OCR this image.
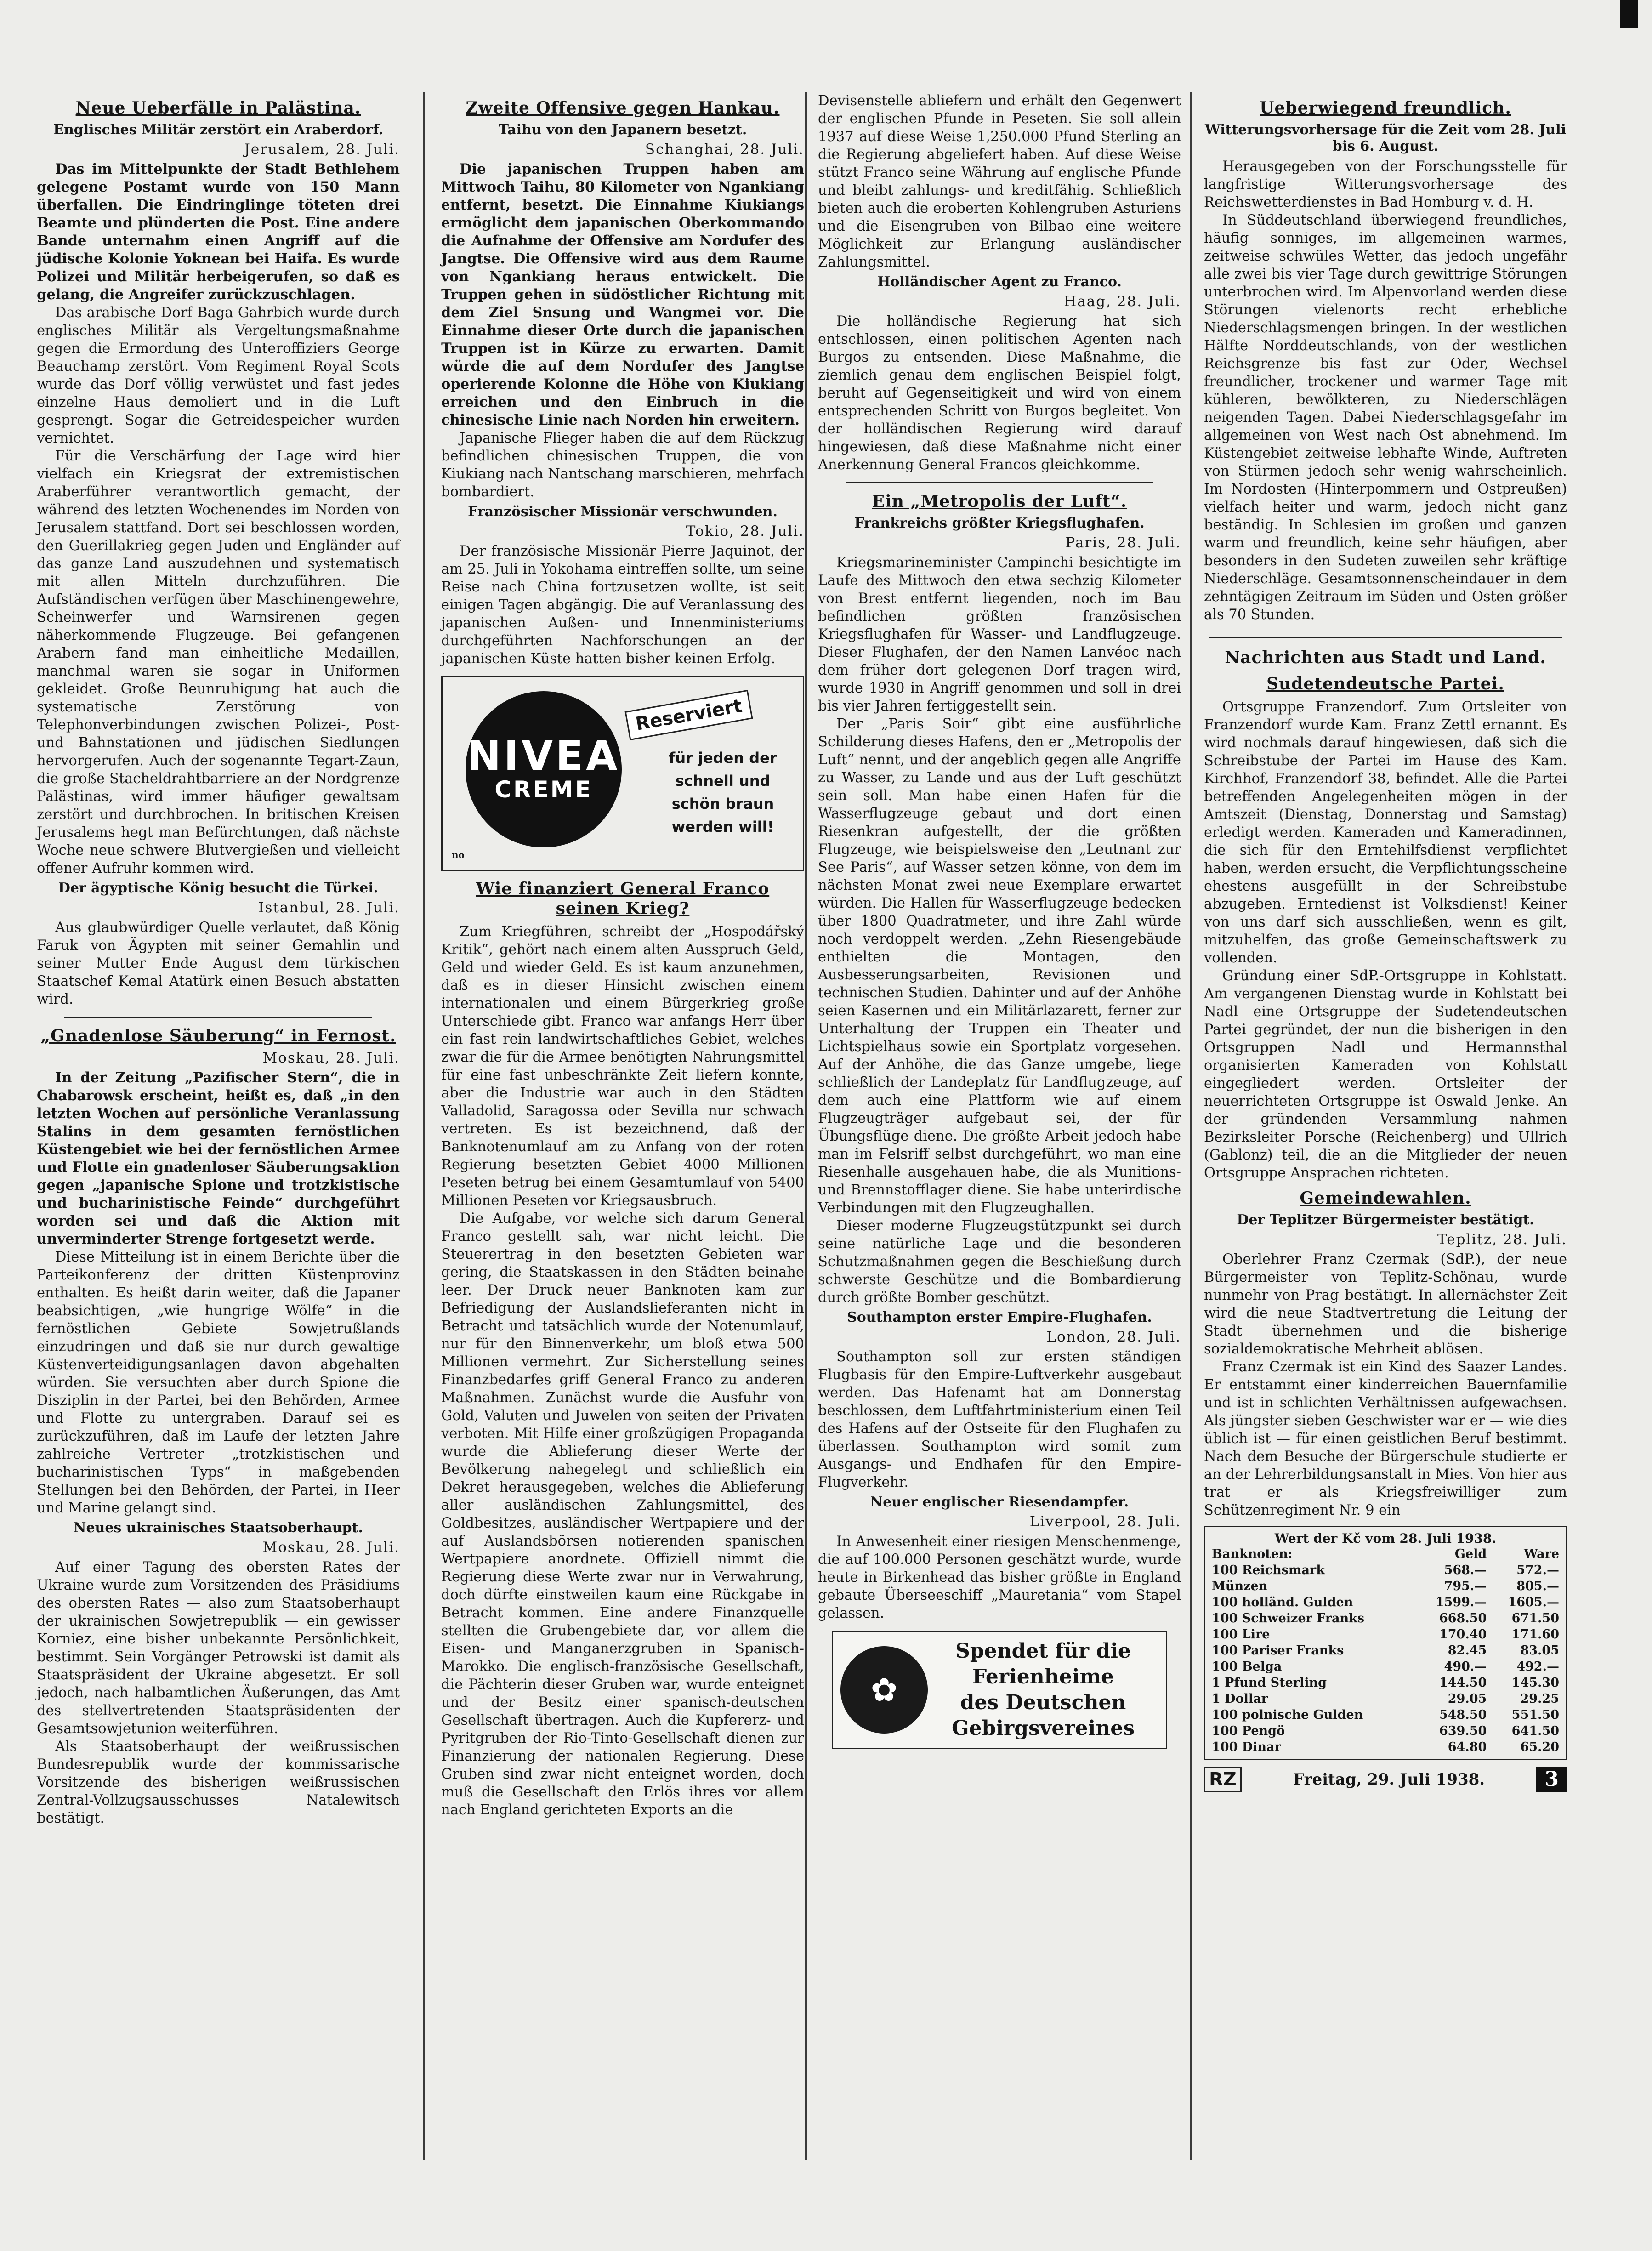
Neue Ueberfälle in Palästina.
Englisches Militär zerstört ein Araberdorf.
Jerusalem, 28. Juli.

Das im Mittelpunkte der Stadt Bethlehem gelegene Postamt wurde von 150 Mann überfallen. Die Eindringlinge töteten drei Beamte und plünderten die Post. Eine andere Bande unternahm einen Angriff auf die jüdische Kolonie Yoknean bei Haifa. Es wurde Polizei und Militär herbeigerufen, so daß es gelang, die Angreifer zurückzuschlagen.

Das arabische Dorf Baga Gahrbich wurde durch englisches Militär als Vergeltungsmaßnahme gegen die Ermordung des Unteroffiziers George Beauchamp zerstört. Vom Regiment Royal Scots wurde das Dorf völlig verwüstet und fast jedes einzelne Haus demoliert und in die Luft gesprengt. Sogar die Getreidespeicher wurden vernichtet.

Für die Verschärfung der Lage wird hier vielfach ein Kriegsrat der extremistischen Araberführer verantwortlich gemacht, der während des letzten Wochenendes im Norden von Jerusalem stattfand. Dort sei beschlossen worden, den Guerillakrieg gegen Juden und Engländer auf das ganze Land auszudehnen und systematisch mit allen Mitteln durchzuführen. Die Aufständischen verfügen über Maschinengewehre, Scheinwerfer und Warnsirenen gegen näherkommende Flugzeuge. Bei gefangenen Arabern fand man einheitliche Medaillen, manchmal waren sie sogar in Uniformen gekleidet. Große Beunruhigung hat auch die systematische Zerstörung von Telephonverbindungen zwischen Polizei-, Post- und Bahnstationen und jüdischen Siedlungen hervorgerufen. Auch der sogenannte Tegart-Zaun, die große Stacheldrahtbarriere an der Nordgrenze Palästinas, wird immer häufiger gewaltsam zerstört und durchbrochen. In britischen Kreisen Jerusalems hegt man Befürchtungen, daß nächste Woche neue schwere Blutvergießen und vielleicht offener Aufruhr kommen wird.

Der ägyptische König besucht die Türkei.
Istanbul, 28. Juli.

Aus glaubwürdiger Quelle verlautet, daß König Faruk von Ägypten mit seiner Gemahlin und seiner Mutter Ende August dem türkischen Staatschef Kemal Atatürk einen Besuch abstatten wird.

„Gnadenlose Säuberung“ in Fernost.
Moskau, 28. Juli.

In der Zeitung „Pazifischer Stern“, die in Chabarowsk erscheint, heißt es, daß „in den letzten Wochen auf persönliche Veranlassung Stalins in dem gesamten fernöstlichen Küstengebiet wie bei der fernöstlichen Armee und Flotte ein gnadenloser Säuberungsaktion gegen „japanische Spione und trotzkistische und bucharinistische Feinde“ durchgeführt worden sei und daß die Aktion mit unverminderter Strenge fortgesetzt werde.

Diese Mitteilung ist in einem Berichte über die Parteikonferenz der dritten Küstenprovinz enthalten. Es heißt darin weiter, daß die Japaner beabsichtigen, „wie hungrige Wölfe“ in die fernöstlichen Gebiete Sowjetrußlands einzudringen und daß sie nur durch gewaltige Küstenverteidigungsanlagen davon abgehalten würden. Sie versuchten aber durch Spione die Disziplin in der Partei, bei den Behörden, Armee und Flotte zu untergraben. Darauf sei es zurückzuführen, daß im Laufe der letzten Jahre zahlreiche Vertreter „trotzkistischen und bucharinistischen Typs“ in maßgebenden Stellungen bei den Behörden, der Partei, in Heer und Marine gelangt sind.

Neues ukrainisches Staatsoberhaupt.
Moskau, 28. Juli.

Auf einer Tagung des obersten Rates der Ukraine wurde zum Vorsitzenden des Präsidiums des obersten Rates — also zum Staatsoberhaupt der ukrainischen Sowjetrepublik — ein gewisser Korniez, eine bisher unbekannte Persönlichkeit, bestimmt. Sein Vorgänger Petrowski ist damit als Staatspräsident der Ukraine abgesetzt. Er soll jedoch, nach halbamtlichen Äußerungen, das Amt des stellvertretenden Staatspräsidenten der Gesamtsowjetunion weiterführen.

Als Staatsoberhaupt der weißrussischen Bundesrepublik wurde der kommissarische Vorsitzende des bisherigen weißrussischen Zentral-Vollzugsausschusses Natalewitsch bestätigt.

Zweite Offensive gegen Hankau.
Taihu von den Japanern besetzt.
Schanghai, 28. Juli.

Die japanischen Truppen haben am Mittwoch Taihu, 80 Kilometer von Ngankiang entfernt, besetzt. Die Einnahme Kiukiangs ermöglicht dem japanischen Oberkommando die Aufnahme der Offensive am Nordufer des Jangtse. Die Offensive wird aus dem Raume von Ngankiang heraus entwickelt. Die Truppen gehen in südöstlicher Richtung mit dem Ziel Snsung und Wangmei vor. Die Einnahme dieser Orte durch die japanischen Truppen ist in Kürze zu erwarten. Damit würde die auf dem Nordufer des Jangtse operierende Kolonne die Höhe von Kiukiang erreichen und den Einbruch in die chinesische Linie nach Norden hin erweitern.

Japanische Flieger haben die auf dem Rückzug befindlichen chinesischen Truppen, die von Kiukiang nach Nantschang marschieren, mehrfach bombardiert.

Französischer Missionär verschwunden.
Tokio, 28. Juli.

Der französische Missionär Pierre Jaquinot, der am 25. Juli in Yokohama eintreffen sollte, um seine Reise nach China fortzusetzen wollte, ist seit einigen Tagen abgängig. Die auf Veranlassung des japanischen Außen- und Innenministeriums durchgeführten Nachforschungen an der japanischen Küste hatten bisher keinen Erfolg.

NIVEA
CREME
Reserviert
für jeden der schnell und schön braun werden will!
no
Wie finanziert General Franco seinen Krieg?

Zum Kriegführen, schreibt der „Hospodářský Kritik“, gehört nach einem alten Ausspruch Geld, Geld und wieder Geld. Es ist kaum anzunehmen, daß es in dieser Hinsicht zwischen einem internationalen und einem Bürgerkrieg große Unterschiede gibt. Franco war anfangs Herr über ein fast rein landwirtschaftliches Gebiet, welches zwar die für die Armee benötigten Nahrungsmittel für eine fast unbeschränkte Zeit liefern konnte, aber die Industrie war auch in den Städten Valladolid, Saragossa oder Sevilla nur schwach vertreten. Es ist bezeichnend, daß der Banknotenumlauf am zu Anfang von der roten Regierung besetzten Gebiet 4000 Millionen Peseten betrug bei einem Gesamtumlauf von 5400 Millionen Peseten vor Kriegsausbruch.

Die Aufgabe, vor welche sich darum General Franco gestellt sah, war nicht leicht. Die Steuerertrag in den besetzten Gebieten war gering, die Staatskassen in den Städten beinahe leer. Der Druck neuer Banknoten kam zur Befriedigung der Auslandslieferanten nicht in Betracht und tatsächlich wurde der Notenumlauf, nur für den Binnenverkehr, um bloß etwa 500 Millionen vermehrt. Zur Sicherstellung seines Finanzbedarfes griff General Franco zu anderen Maßnahmen. Zunächst wurde die Ausfuhr von Gold, Valuten und Juwelen von seiten der Privaten verboten. Mit Hilfe einer großzügigen Propaganda wurde die Ablieferung dieser Werte der Bevölkerung nahegelegt und schließlich ein Dekret herausgegeben, welches die Ablieferung aller ausländischen Zahlungsmittel, des Goldbesitzes, ausländischer Wertpapiere und der auf Auslandsbörsen notierenden spanischen Wertpapiere anordnete. Offiziell nimmt die Regierung diese Werte zwar nur in Verwahrung, doch dürfte einstweilen kaum eine Rückgabe in Betracht kommen. Eine andere Finanzquelle stellten die Grubengebiete dar, vor allem die Eisen- und Manganerzgruben in Spanisch-Marokko. Die englisch-französische Gesellschaft, die Pächterin dieser Gruben war, wurde enteignet und der Besitz einer spanisch-deutschen Gesellschaft übertragen. Auch die Kupfererz- und Pyritgruben der Rio-Tinto-Gesellschaft dienen zur Finanzierung der nationalen Regierung. Diese Gruben sind zwar nicht enteignet worden, doch muß die Gesellschaft den Erlös ihres vor allem nach England gerichteten Exports an die

Devisenstelle abliefern und erhält den Gegenwert der englischen Pfunde in Peseten. Sie soll allein 1937 auf diese Weise 1,250.000 Pfund Sterling an die Regierung abgeliefert haben. Auf diese Weise stützt Franco seine Währung auf englische Pfunde und bleibt zahlungs- und kreditfähig. Schließlich bieten auch die eroberten Kohlengruben Asturiens und die Eisengruben von Bilbao eine weitere Möglichkeit zur Erlangung ausländischer Zahlungsmittel.

Holländischer Agent zu Franco.
Haag, 28. Juli.

Die holländische Regierung hat sich entschlossen, einen politischen Agenten nach Burgos zu entsenden. Diese Maßnahme, die ziemlich genau dem englischen Beispiel folgt, beruht auf Gegenseitigkeit und wird von einem entsprechenden Schritt von Burgos begleitet. Von der holländischen Regierung wird darauf hingewiesen, daß diese Maßnahme nicht einer Anerkennung General Francos gleichkomme.

Ein „Metropolis der Luft“.
Frankreichs größter Kriegsflughafen.
Paris, 28. Juli.

Kriegsmarineminister Campinchi besichtigte im Laufe des Mittwoch den etwa sechzig Kilometer von Brest entfernt liegenden, noch im Bau befindlichen größten französischen Kriegsflughafen für Wasser- und Landflugzeuge. Dieser Flughafen, der den Namen Lanvéoc nach dem früher dort gelegenen Dorf tragen wird, wurde 1930 in Angriff genommen und soll in drei bis vier Jahren fertiggestellt sein.

Der „Paris Soir“ gibt eine ausführliche Schilderung dieses Hafens, den er „Metropolis der Luft“ nennt, und der angeblich gegen alle Angriffe zu Wasser, zu Lande und aus der Luft geschützt sein soll. Man habe einen Hafen für die Wasserflugzeuge gebaut und dort einen Riesenkran aufgestellt, der die größten Flugzeuge, wie beispielsweise den „Leutnant zur See Paris“, auf Wasser setzen könne, von dem im nächsten Monat zwei neue Exemplare erwartet würden. Die Hallen für Wasserflugzeuge bedecken über 1800 Quadratmeter, und ihre Zahl würde noch verdoppelt werden. „Zehn Riesengebäude enthielten die Montagen, den Ausbesserungsarbeiten, Revisionen und technischen Studien. Dahinter und auf der Anhöhe seien Kasernen und ein Militärlazarett, ferner zur Unterhaltung der Truppen ein Theater und Lichtspielhaus sowie ein Sportplatz vorgesehen. Auf der Anhöhe, die das Ganze umgebe, liege schließlich der Landeplatz für Landflugzeuge, auf dem auch eine Plattform wie auf einem Flugzeugträger aufgebaut sei, der für Übungsflüge diene. Die größte Arbeit jedoch habe man im Felsriff selbst durchgeführt, wo man eine Riesenhalle ausgehauen habe, die als Munitions- und Brennstofflager diene. Sie habe unterirdische Verbindungen mit den Flugzeughallen.

Dieser moderne Flugzeugstützpunkt sei durch seine natürliche Lage und die besonderen Schutzmaßnahmen gegen die Beschießung durch schwerste Geschütze und die Bombardierung durch größte Bomber geschützt.

Southampton erster Empire-Flughafen.
London, 28. Juli.

Southampton soll zur ersten ständigen Flugbasis für den Empire-Luftverkehr ausgebaut werden. Das Hafenamt hat am Donnerstag beschlossen, dem Luftfahrtministerium einen Teil des Hafens auf der Ostseite für den Flughafen zu überlassen. Southampton wird somit zum Ausgangs- und Endhafen für den Empire-Flugverkehr.

Neuer englischer Riesendampfer.
Liverpool, 28. Juli.

In Anwesenheit einer riesigen Menschenmenge, die auf 100.000 Personen geschätzt wurde, wurde heute in Birkenhead das bisher größte in England gebaute Überseeschiff „Mauretania“ vom Stapel gelassen.

✿
Spendet für die
Ferienheime
des Deutschen
Gebirgsvereines
Ueberwiegend freundlich.
Witterungsvorhersage für die Zeit vom 28. Juli bis 6. August.

Herausgegeben von der Forschungsstelle für langfristige Witterungsvorhersage des Reichswetterdienstes in Bad Homburg v. d. H.

In Süddeutschland überwiegend freundliches, häufig sonniges, im allgemeinen warmes, zeitweise schwüles Wetter, das jedoch ungefähr alle zwei bis vier Tage durch gewittrige Störungen unterbrochen wird. Im Alpenvorland werden diese Störungen vielenorts recht erhebliche Niederschlagsmengen bringen. In der westlichen Hälfte Norddeutschlands, von der westlichen Reichsgrenze bis fast zur Oder, Wechsel freundlicher, trockener und warmer Tage mit kühleren, bewölkteren, zu Niederschlägen neigenden Tagen. Dabei Niederschlagsgefahr im allgemeinen von West nach Ost abnehmend. Im Küstengebiet zeitweise lebhafte Winde, Auftreten von Stürmen jedoch sehr wenig wahrscheinlich. Im Nordosten (Hinterpommern und Ostpreußen) vielfach heiter und warm, jedoch nicht ganz beständig. In Schlesien im großen und ganzen warm und freundlich, keine sehr häufigen, aber besonders in den Sudeten zuweilen sehr kräftige Niederschläge. Gesamtsonnenscheindauer in dem zehntägigen Zeitraum im Süden und Osten größer als 70 Stunden.

Nachrichten aus Stadt und Land.
Sudetendeutsche Partei.

Ortsgruppe Franzendorf. Zum Ortsleiter von Franzendorf wurde Kam. Franz Zettl ernannt. Es wird nochmals darauf hingewiesen, daß sich die Schreibstube der Partei im Hause des Kam. Kirchhof, Franzendorf 38, befindet. Alle die Partei betreffenden Angelegenheiten mögen in der Amtszeit (Dienstag, Donnerstag und Samstag) erledigt werden. Kameraden und Kameradinnen, die sich für den Erntehilfsdienst verpflichtet haben, werden ersucht, die Verpflichtungsscheine ehestens ausgefüllt in der Schreibstube abzugeben. Erntedienst ist Volksdienst! Keiner von uns darf sich ausschließen, wenn es gilt, mitzuhelfen, das große Gemeinschaftswerk zu vollenden.

Gründung einer SdP.-Ortsgruppe in Kohlstatt. Am vergangenen Dienstag wurde in Kohlstatt bei Nadl eine Ortsgruppe der Sudetendeutschen Partei gegründet, der nun die bisherigen in den Ortsgruppen Nadl und Hermannsthal organisierten Kameraden von Kohlstatt eingegliedert werden. Ortsleiter der neuerrichteten Ortsgruppe ist Oswald Jenke. An der gründenden Versammlung nahmen Bezirksleiter Porsche (Reichenberg) und Ullrich (Gablonz) teil, die an die Mitglieder der neuen Ortsgruppe Ansprachen richteten.

Gemeindewahlen.
Der Teplitzer Bürgermeister bestätigt.
Teplitz, 28. Juli.

Oberlehrer Franz Czermak (SdP.), der neue Bürgermeister von Teplitz-Schönau, wurde nunmehr von Prag bestätigt. In allernächster Zeit wird die neue Stadtvertretung die Leitung der Stadt übernehmen und die bisherige sozialdemokratische Mehrheit ablösen.

Franz Czermak ist ein Kind des Saazer Landes. Er entstammt einer kinderreichen Bauernfamilie und ist in schlichten Verhältnissen aufgewachsen. Als jüngster sieben Geschwister war er — wie dies üblich ist — für einen geistlichen Beruf bestimmt. Nach dem Besuche der Bürgerschule studierte er an der Lehrerbildungsanstalt in Mies. Von hier aus trat er als Kriegsfreiwilliger zum Schützenregiment Nr. 9 ein

Wert der Kč vom 28. Juli 1938.
Banknoten:	Geld	Ware
100 Reichsmark	568.—	572.—
Münzen	795.—	805.—
100 holländ. Gulden	1599.—	1605.—
100 Schweizer Franks	668.50	671.50
100 Lire	170.40	171.60
100 Pariser Franks	82.45	83.05
100 Belga	490.—	492.—
1 Pfund Sterling	144.50	145.30
1 Dollar	29.05	29.25
100 polnische Gulden	548.50	551.50
100 Pengö	639.50	641.50
100 Dinar	64.80	65.20
RZ	Freitag, 29. Juli 1938.	3
